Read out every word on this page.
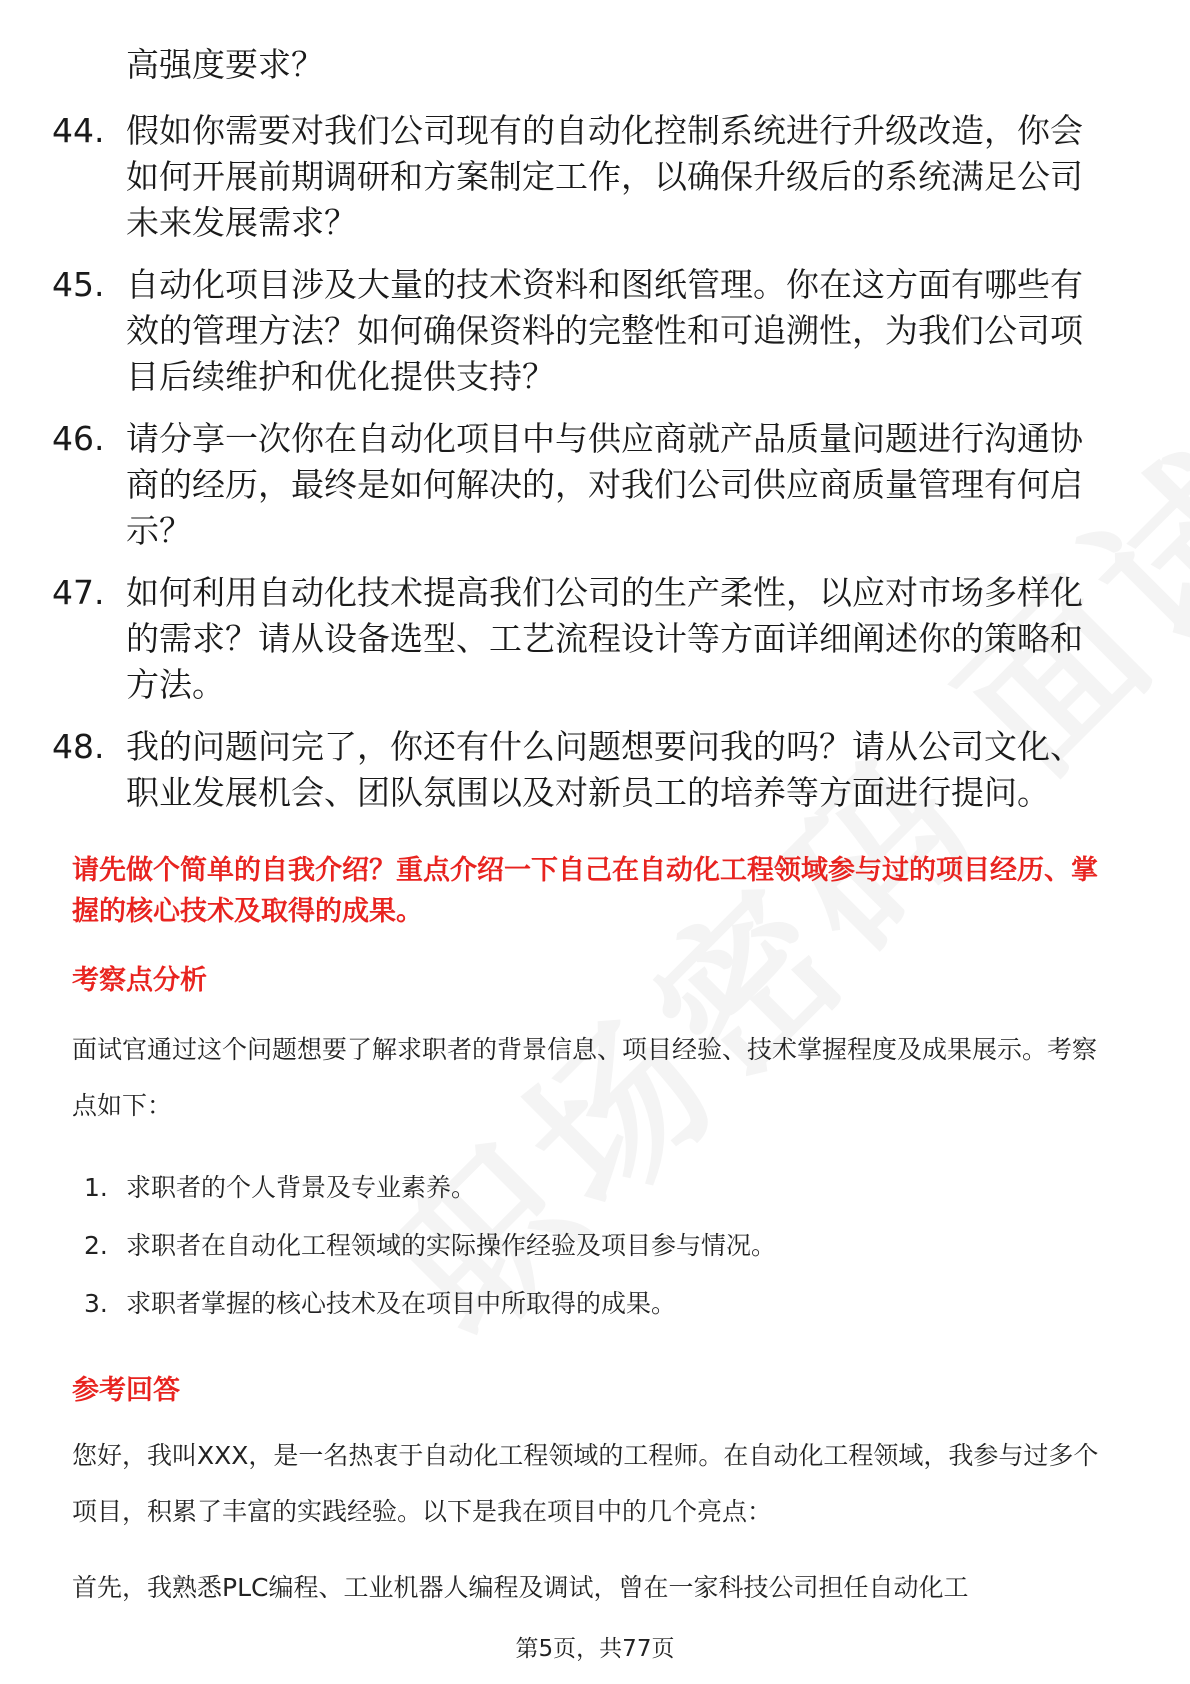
高强度要求？
44. 假如你需要对我们公司现有的自动化控制系统进行升级改造，你会如何开展前期调研和方案制定工作，以确保升级后的系统满足公司未来发展需求？
45. 自动化项目涉及大量的技术资料和图纸管理。你在这方面有哪些有效的管理方法？如何确保资料的完整性和可追溯性，为我们公司项目后续维护和优化提供支持？
46. 请分享一次你在自动化项目中与供应商就产品质量问题进行沟通协商的经历，最终是如何解决的，对我们公司供应商质量管理有何启示？
47. 如何利用自动化技术提高我们公司的生产柔性，以应对市场多样化的需求？请从设备选型、工艺流程设计等方面详细阐述你的策略和方法。
48. 我的问题问完了，你还有什么问题想要问我的吗？请从公司文化、职业发展机会、团队氛围以及对新员工的培养等方面进行提问。
请先做个简单的自我介绍？重点介绍一下自己在自动化工程领域参与过的项目经历、掌握的核心技术及取得的成果。
考察点分析
面试官通过这个问题想要了解求职者的背景信息、项目经验、技术掌握程度及成果展示。考察点如下：
1. 求职者的个人背景及专业素养。
2. 求职者在自动化工程领域的实际操作经验及项目参与情况。
3. 求职者掌握的核心技术及在项目中所取得的成果。
参考回答
您好，我叫XXX，是一名热衷于自动化工程领域的工程师。在自动化工程领域，我参与过多个项目，积累了丰富的实践经验。以下是我在项目中的几个亮点：
首先，我熟悉PLC编程、工业机器人编程及调试，曾在一家科技公司担任自动化工
第5页，共77页
